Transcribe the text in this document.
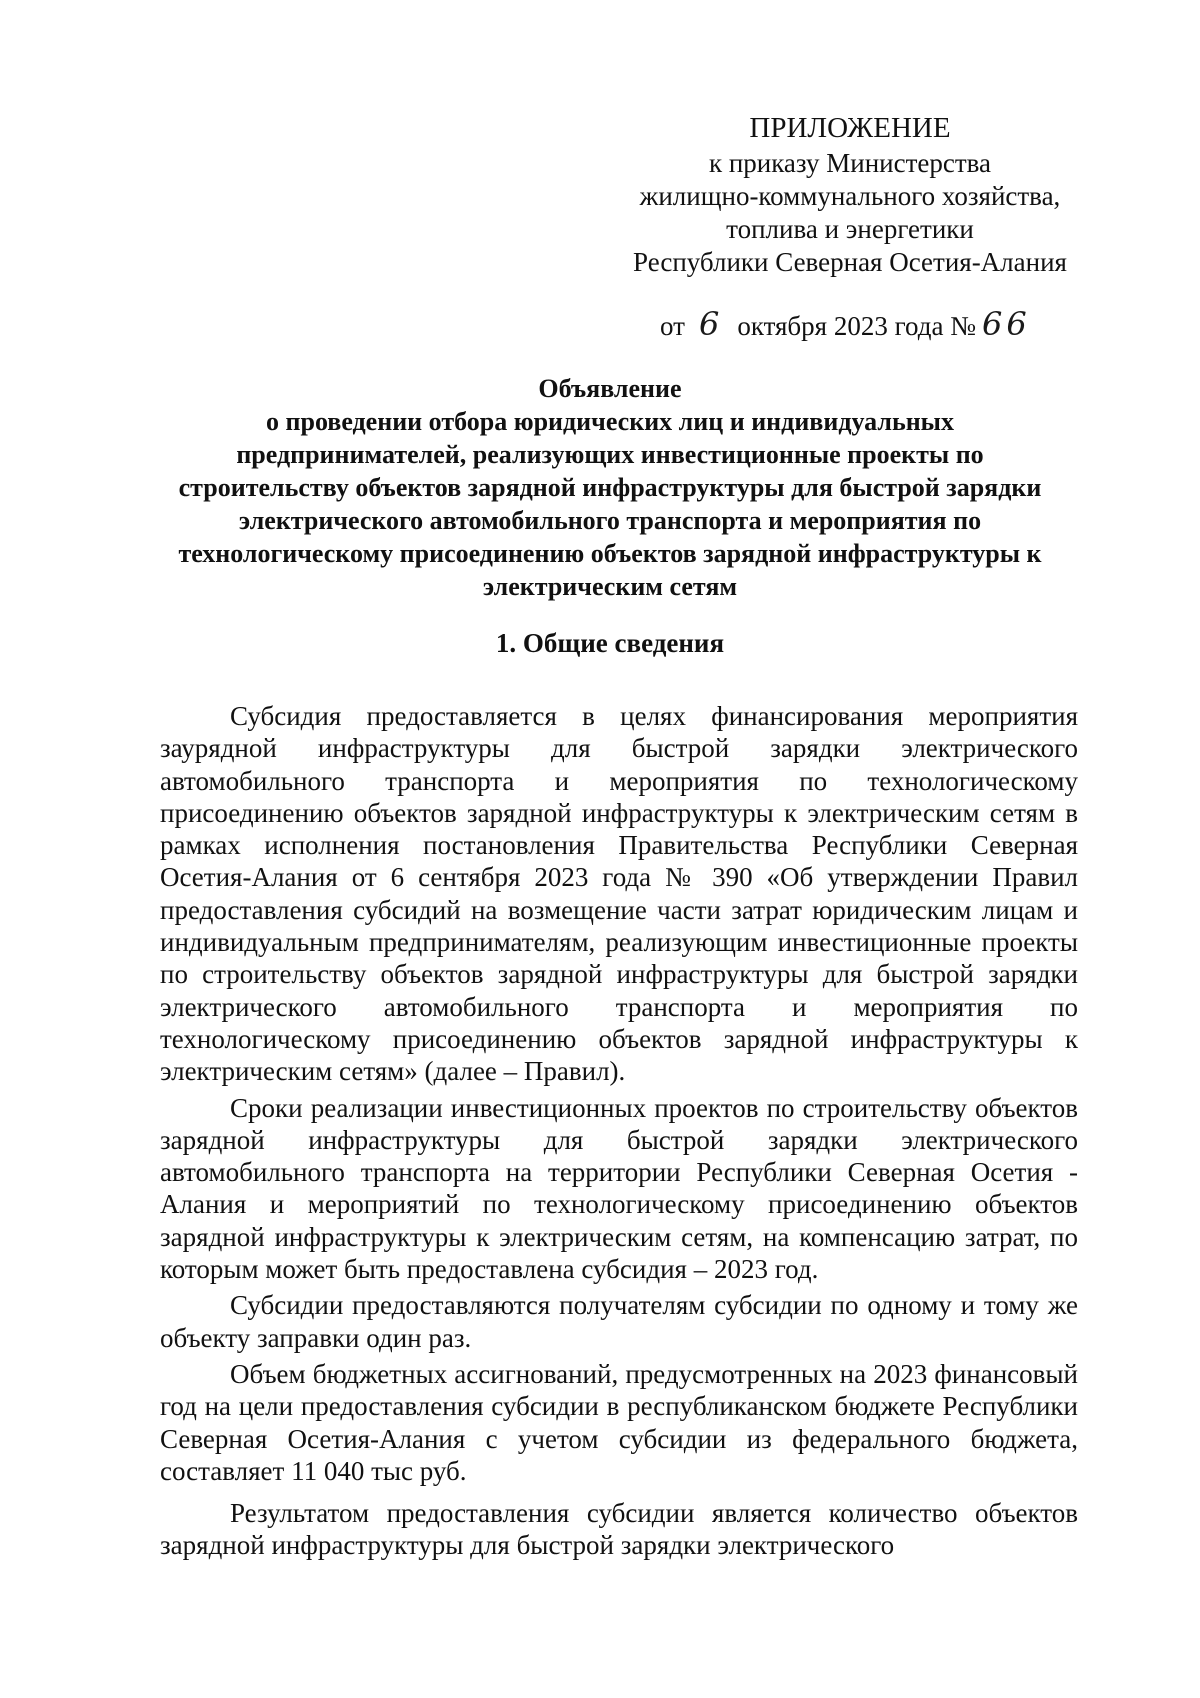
ПРИЛОЖЕНИЕ
к приказу Министерства
жилищно-коммунального хозяйства,
топлива и энергетики
Республики Северная Осетия-Алания
от 6 октября 2023 года № 66
Объявление
о проведении отбора юридических лиц и индивидуальных
предпринимателей, реализующих инвестиционные проекты по
строительству объектов зарядной инфраструктуры для быстрой зарядки
электрического автомобильного транспорта и мероприятия по
технологическому присоединению объектов зарядной инфраструктуры к
электрическим сетям
1. Общие сведения

Субсидия предоставляется в целях финансирования мероприятия заурядной инфраструктуры для быстрой зарядки электрического автомобильного транспорта и мероприятия по технологическому присоединению объектов зарядной инфраструктуры к электрическим сетям в рамках исполнения постановления Правительства Республики Северная Осетия-Алания от 6 сентября 2023 года № 390 «Об утверждении Правил предоставления субсидий на возмещение части затрат юридическим лицам и индивидуальным предпринимателям, реализующим инвестиционные проекты по строительству объектов зарядной инфраструктуры для быстрой зарядки электрического автомобильного транспорта и мероприятия по технологическому присоединению объектов зарядной инфраструктуры к электрическим сетям» (далее – Правил).

Сроки реализации инвестиционных проектов по строительству объектов зарядной инфраструктуры для быстрой зарядки электрического автомобильного транспорта на территории Республики Северная Осетия - Алания и мероприятий по технологическому присоединению объектов зарядной инфраструктуры к электрическим сетям, на компенсацию затрат, по которым может быть предоставлена субсидия – 2023 год.

Субсидии предоставляются получателям субсидии по одному и тому же объекту заправки один раз.

Объем бюджетных ассигнований, предусмотренных на 2023 финансовый год на цели предоставления субсидии в республиканском бюджете Республики Северная Осетия-Алания с учетом субсидии из федерального бюджета, составляет 11 040 тыс руб.

Результатом предоставления субсидии является количество объектов зарядной инфраструктуры для быстрой зарядки электрического
